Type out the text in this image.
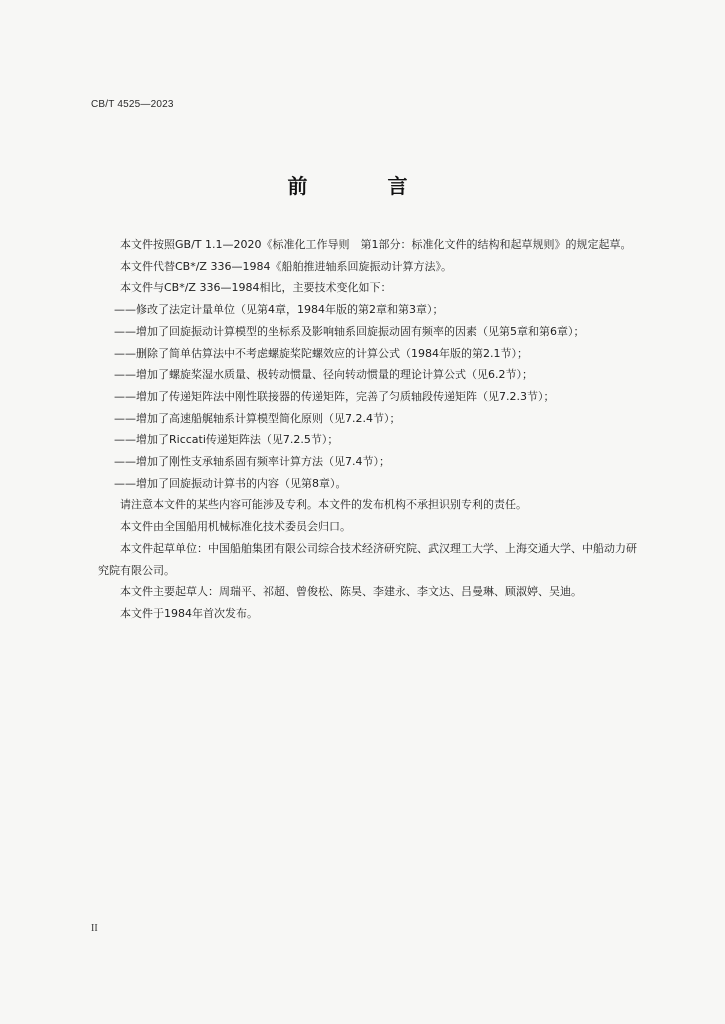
CB/T 4525—2023
前　言

本文件按照GB/T 1.1—2020《标准化工作导则　第1部分：标准化文件的结构和起草规则》的规定起草。

本文件代替CB*/Z 336—1984《船舶推进轴系回旋振动计算方法》。

本文件与CB*/Z 336—1984相比，主要技术变化如下：

——修改了法定计量单位（见第4章，1984年版的第2章和第3章）；

——增加了回旋振动计算模型的坐标系及影响轴系回旋振动固有频率的因素（见第5章和第6章）；

——删除了简单估算法中不考虑螺旋桨陀螺效应的计算公式（1984年版的第2.1节）；

——增加了螺旋桨湿水质量、极转动惯量、径向转动惯量的理论计算公式（见6.2节）；

——增加了传递矩阵法中刚性联接器的传递矩阵，完善了匀质轴段传递矩阵（见7.2.3节）；

——增加了高速船艉轴系计算模型简化原则（见7.2.4节）；

——增加了Riccati传递矩阵法（见7.2.5节）；

——增加了刚性支承轴系固有频率计算方法（见7.4节）；

——增加了回旋振动计算书的内容（见第8章）。

请注意本文件的某些内容可能涉及专利。本文件的发布机构不承担识别专利的责任。

本文件由全国船用机械标准化技术委员会归口。

本文件起草单位：中国船舶集团有限公司综合技术经济研究院、武汉理工大学、上海交通大学、中船动力研究院有限公司。

本文件主要起草人：周瑞平、祁超、曾俊松、陈昊、李建永、李文达、吕曼琳、顾淑婷、吴迪。

本文件于1984年首次发布。

II
